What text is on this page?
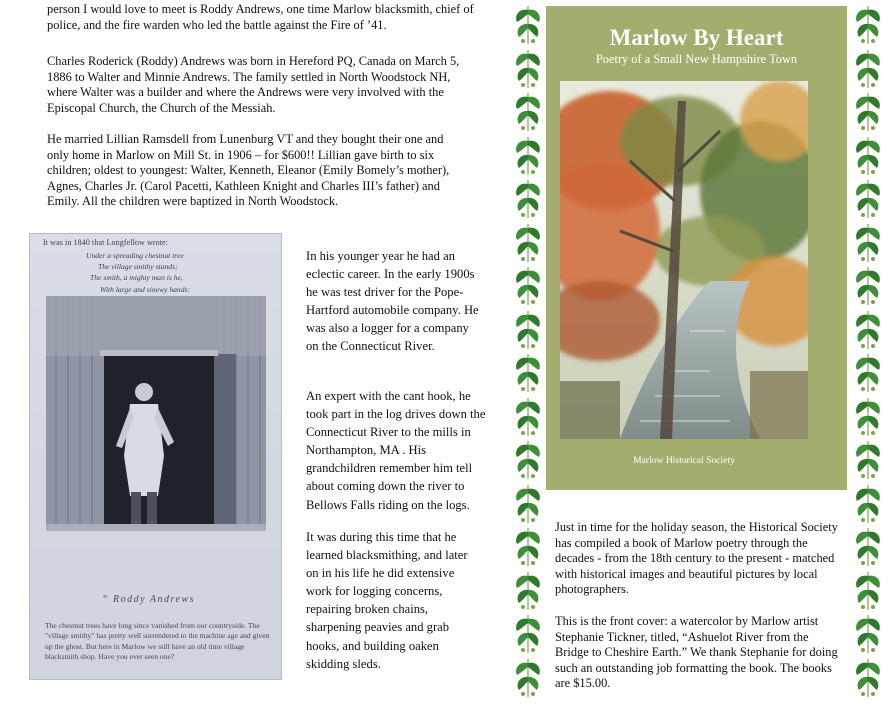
person I would love to meet is Roddy Andrews, one time Marlow blacksmith, chief of police, and the fire warden who led the battle against the Fire of ’41.

Charles Roderick (Roddy) Andrews was born in Hereford PQ, Canada on March 5, 1886 to Walter and Minnie Andrews. The family settled in North Woodstock NH, where Walter was a builder and where the Andrews were very involved with the Episcopal Church, the Church of the Messiah.

He married Lillian Ramsdell from Lunenburg VT and they bought their one and only home in Marlow on Mill St. in 1906 – for $600!! Lillian gave birth to six children; oldest to youngest: Walter, Kenneth, Eleanor (Emily Bomely’s mother), Agnes, Charles Jr. (Carol Pacetti, Kathleen Knight and Charles III’s father) and Emily. All the children were baptized in North Woodstock.

It was in 1840 that Longfellow wrote:
Under a spreading chestnut tree
The village smithy stands;
The smith, a mighty man is he,
With large and sinewy hands:
“ Roddy Andrews
The chestnut trees have long since vanished from our countryside. The "village smithy" has pretty well surrendered to the machine age and given up the ghost. But here in Marlow we still have an old time village blacksmith shop. Have you ever seen one?

In his younger year he had an eclectic career. In the early 1900s he was test driver for the Pope-Hartford automobile company. He was also a logger for a company on the Connecticut River.

An expert with the cant hook, he took part in the log drives down the Connecticut River to the mills in Northampton, MA . His grandchildren remember him tell about coming down the river to Bellows Falls riding on the logs.

It was during this time that he learned blacksmithing, and later on in his life he did extensive work for logging concerns, repairing broken chains, sharpening peavies and grab hooks, and building oaken skidding sleds.

Marlow By Heart
Poetry of a Small New Hampshire Town
Marlow Historical Society

Just in time for the holiday season, the Historical Society has compiled a book of Marlow poetry through the decades - from the 18th century to the present - matched with historical images and beautiful pictures by local photographers.

This is the front cover: a watercolor by Marlow artist Stephanie Tickner, titled, “Ashuelot River from the Bridge to Cheshire Earth.” We thank Stephanie for doing such an outstanding job formatting the book. The books are $15.00.
